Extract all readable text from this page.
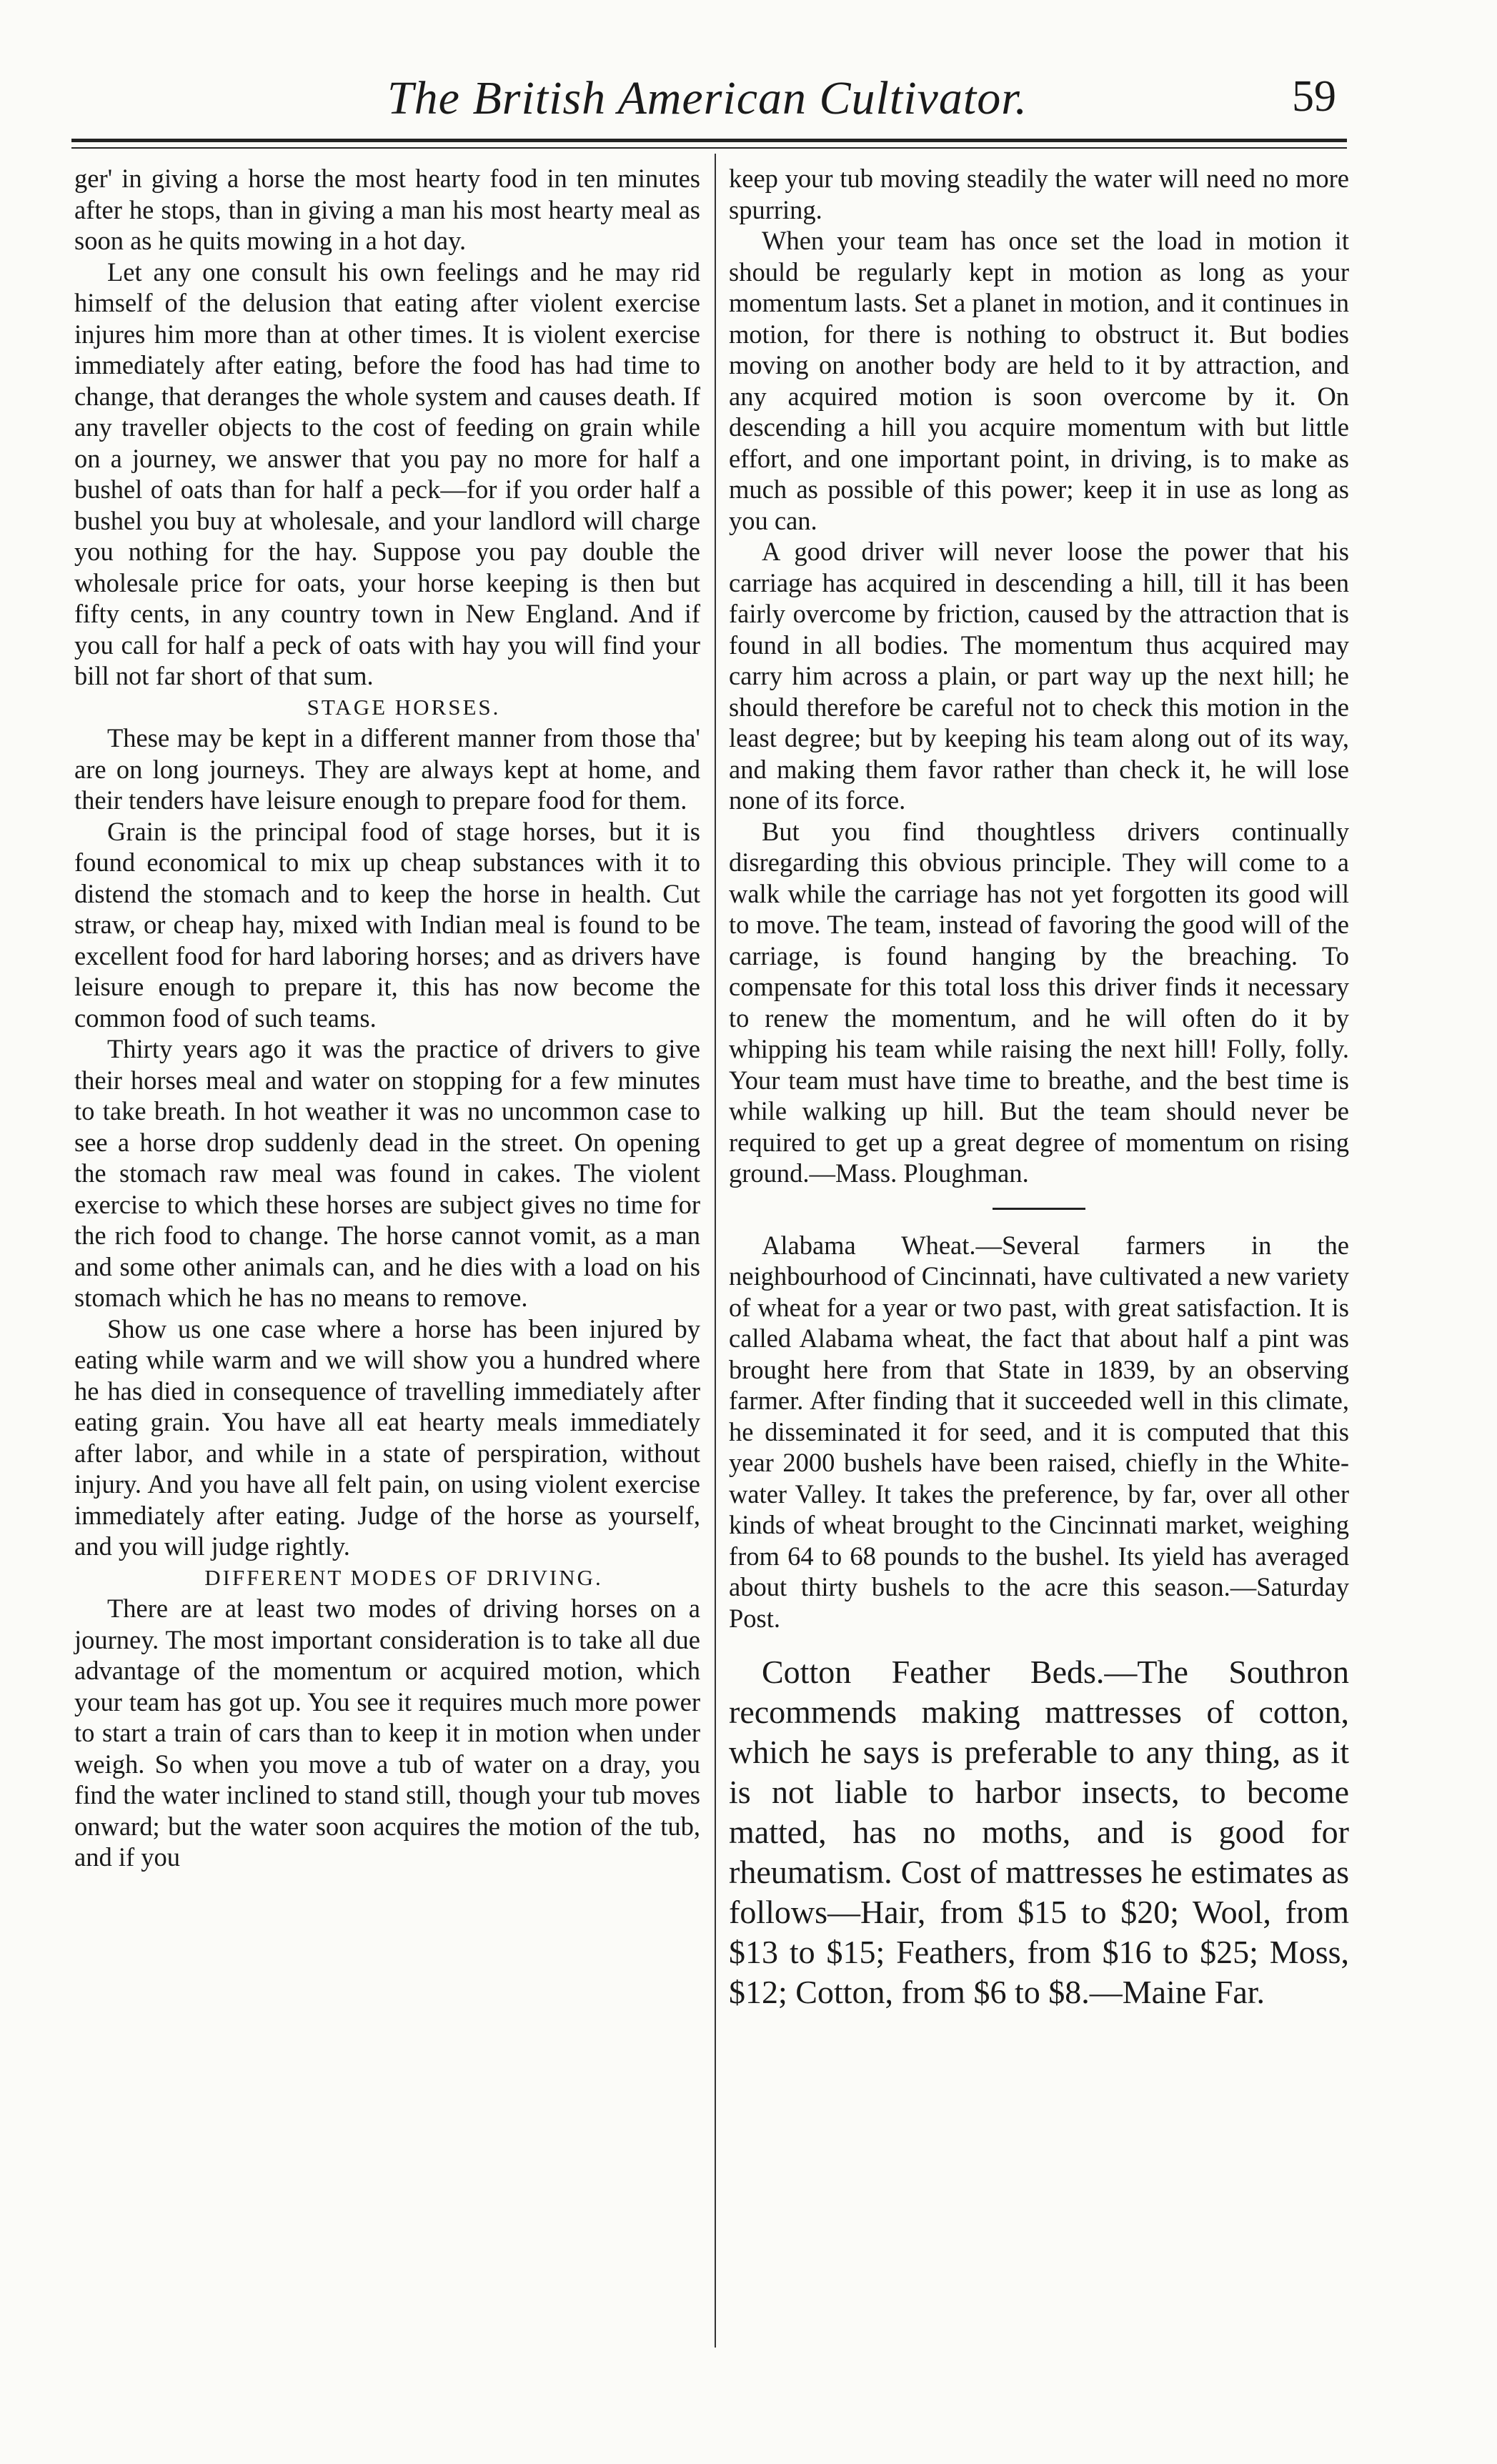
The British American Cultivator.	59

ger' in giving a horse the most hearty food in ten minutes after he stops, than in giving a man his most hearty meal as soon as he quits mowing in a hot day.

Let any one consult his own feelings and he may rid himself of the delusion that eating after violent exercise injures him more than at other times. It is violent exercise immediately after eating, before the food has had time to change, that deranges the whole system and causes death. If any traveller objects to the cost of feeding on grain while on a journey, we answer that you pay no more for half a bushel of oats than for half a peck—for if you order half a bushel you buy at wholesale, and your landlord will charge you nothing for the hay. Suppose you pay double the wholesale price for oats, your horse keeping is then but fifty cents, in any country town in New England. And if you call for half a peck of oats with hay you will find your bill not far short of that sum.

STAGE HORSES.

These may be kept in a different manner from those tha' are on long journeys. They are always kept at home, and their tenders have leisure enough to prepare food for them.

Grain is the principal food of stage horses, but it is found economical to mix up cheap substances with it to distend the stomach and to keep the horse in health. Cut straw, or cheap hay, mixed with Indian meal is found to be excellent food for hard laboring horses; and as drivers have leisure enough to prepare it, this has now become the common food of such teams.

Thirty years ago it was the practice of drivers to give their horses meal and water on stopping for a few minutes to take breath. In hot weather it was no uncommon case to see a horse drop suddenly dead in the street. On opening the stomach raw meal was found in cakes. The violent exercise to which these horses are subject gives no time for the rich food to change. The horse cannot vomit, as a man and some other animals can, and he dies with a load on his stomach which he has no means to remove.

Show us one case where a horse has been injured by eating while warm and we will show you a hundred where he has died in consequence of travelling immediately after eating grain. You have all eat hearty meals immediately after labor, and while in a state of perspiration, without injury. And you have all felt pain, on using violent exercise immediately after eating. Judge of the horse as yourself, and you will judge rightly.

DIFFERENT MODES OF DRIVING.

There are at least two modes of driving horses on a journey. The most important consideration is to take all due advantage of the momentum or acquired motion, which your team has got up. You see it requires much more power to start a train of cars than to keep it in motion when under weigh. So when you move a tub of water on a dray, you find the water inclined to stand still, though your tub moves onward; but the water soon acquires the motion of the tub, and if you

keep your tub moving steadily the water will need no more spurring.

When your team has once set the load in motion it should be regularly kept in motion as long as your momentum lasts. Set a planet in motion, and it continues in motion, for there is nothing to obstruct it. But bodies moving on another body are held to it by attraction, and any acquired motion is soon overcome by it. On descending a hill you acquire momentum with but little effort, and one important point, in driving, is to make as much as possible of this power; keep it in use as long as you can.

A good driver will never loose the power that his carriage has acquired in descending a hill, till it has been fairly overcome by friction, caused by the attraction that is found in all bodies. The momentum thus acquired may carry him across a plain, or part way up the next hill; he should therefore be careful not to check this motion in the least degree; but by keeping his team along out of its way, and making them favor rather than check it, he will lose none of its force.

But you find thoughtless drivers continually disregarding this obvious principle. They will come to a walk while the carriage has not yet forgotten its good will to move. The team, instead of favoring the good will of the carriage, is found hanging by the breaching. To compensate for this total loss this driver finds it necessary to renew the momentum, and he will often do it by whipping his team while raising the next hill! Folly, folly. Your team must have time to breathe, and the best time is while walking up hill. But the team should never be required to get up a great degree of momentum on rising ground.—Mass. Ploughman.

Alabama Wheat.—Several farmers in the neighbourhood of Cincinnati, have cultivated a new variety of wheat for a year or two past, with great satisfaction. It is called Alabama wheat, the fact that about half a pint was brought here from that State in 1839, by an observing farmer. After finding that it succeeded well in this climate, he disseminated it for seed, and it is computed that this year 2000 bushels have been raised, chiefly in the White-water Valley. It takes the preference, by far, over all other kinds of wheat brought to the Cincinnati market, weighing from 64 to 68 pounds to the bushel. Its yield has averaged about thirty bushels to the acre this season.—Saturday Post.

Cotton Feather Beds.—The Southron recommends making mattresses of cotton, which he says is preferable to any thing, as it is not liable to harbor insects, to become matted, has no moths, and is good for rheumatism. Cost of mattresses he estimates as follows—Hair, from $15 to $20; Wool, from $13 to $15; Feathers, from $16 to $25; Moss, $12; Cotton, from $6 to $8.—Maine Far.
